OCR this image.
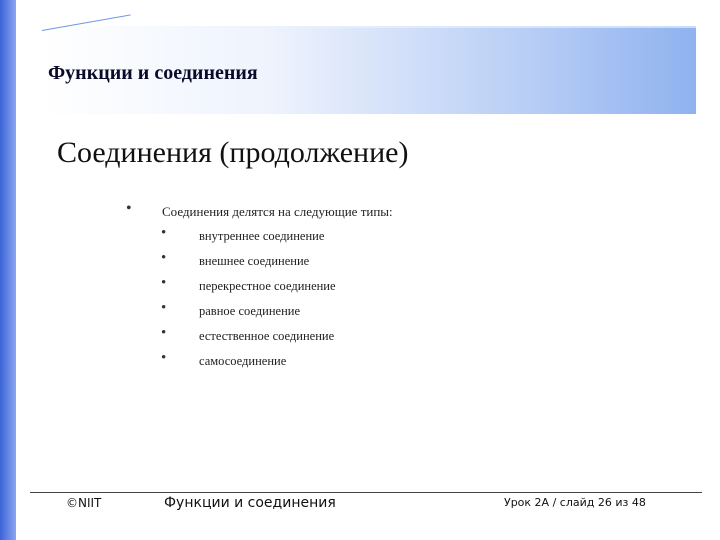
Функции и соединения
Соединения (продолжение)
• Соединения делятся на следующие типы:
•	внутреннее соединение
•	внешнее соединение
•	перекрестное соединение
•	равное соединение
•	естественное соединение
•	самосоединение
©NIIT	Функции и соединения	Урок 2А / слайд 26 из 48
